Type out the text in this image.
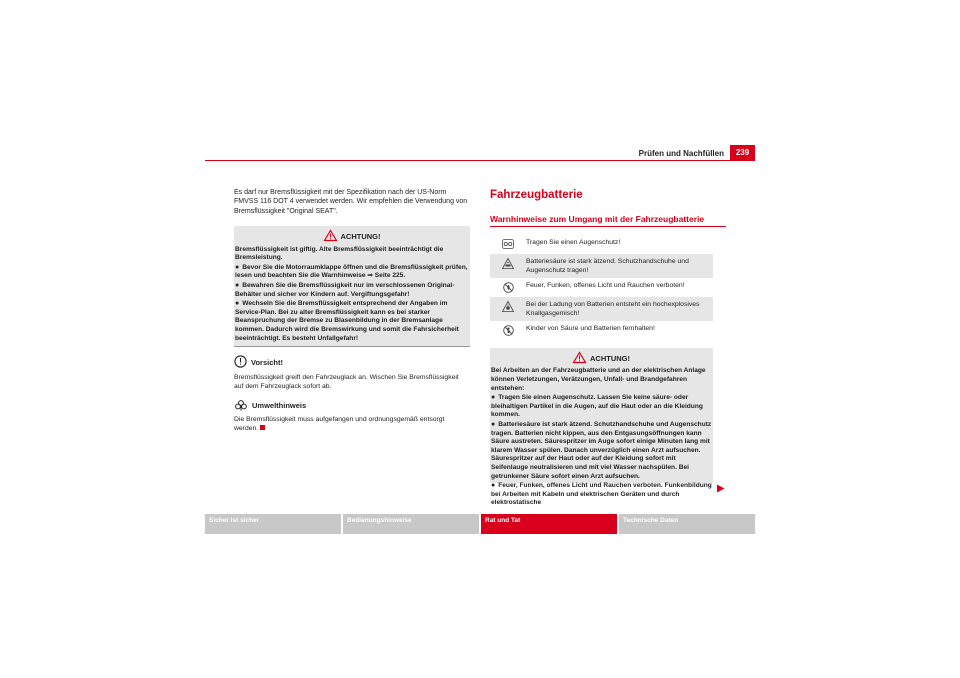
Prüfen und Nachfüllen	239

Es darf nur Bremsflüssigkeit mit der Spezifikation nach der US-Norm FMVSS 116 DOT 4 verwendet werden. Wir empfehlen die Verwendung von Bremsflüssigkeit "Original SEAT".

ACHTUNG!
Bremsflüssigkeit ist giftig. Alte Bremsflüssigkeit beeinträchtigt die Bremsleistung.
● Bevor Sie die Motorraumklappe öffnen und die Bremsflüssigkeit prüfen, lesen und beachten Sie die Warnhinweise ⇒ Seite 225.
● Bewahren Sie die Bremsflüssigkeit nur im verschlossenen Original-Behälter und sicher vor Kindern auf. Vergiftungsgefahr!
● Wechseln Sie die Bremsflüssigkeit entsprechend der Angaben im Service-Plan. Bei zu alter Bremsflüssigkeit kann es bei starker Beanspruchung der Bremse zu Blasenbildung in der Bremsanlage kommen. Dadurch wird die Bremswirkung und somit die Fahrsicherheit beeinträchtigt. Es besteht Unfallgefahr!
Vorsicht!

Bremsflüssigkeit greift den Fahrzeuglack an. Wischen Sie Bremsflüssigkeit auf dem Fahrzeuglack sofort ab.

Umwelthinweis

Die Bremsflüssigkeit muss aufgefangen und ordnungsgemäß entsorgt werden.

Fahrzeugbatterie
Warnhinweise zum Umgang mit der Fahrzeugbatterie
Tragen Sie einen Augenschutz!
Batteriesäure ist stark ätzend. Schutzhandschuhe und Augenschutz tragen!
Feuer, Funken, offenes Licht und Rauchen verboten!
Bei der Ladung von Batterien entsteht ein hochexplosives Knallgasgemisch!
Kinder von Säure und Batterien fernhalten!
ACHTUNG!
Bei Arbeiten an der Fahrzeugbatterie und an der elektrischen Anlage können Verletzungen, Verätzungen, Unfall- und Brandgefahren entstehen:
● Tragen Sie einen Augenschutz. Lassen Sie keine säure- oder bleihaltigen Partikel in die Augen, auf die Haut oder an die Kleidung kommen.
● Batteriesäure ist stark ätzend. Schutzhandschuhe und Augenschutz tragen. Batterien nicht kippen, aus den Entgasungsöffnungen kann Säure austreten. Säurespritzer im Auge sofort einige Minuten lang mit klarem Wasser spülen. Danach unverzüglich einen Arzt aufsuchen. Säurespritzer auf der Haut oder auf der Kleidung sofort mit Seifenlauge neutralisieren und mit viel Wasser nachspülen. Bei getrunkener Säure sofort einen Arzt aufsuchen.
● Feuer, Funken, offenes Licht und Rauchen verboten. Funkenbildung bei Arbeiten mit Kabeln und elektrischen Geräten und durch elektrostatische
Sicher ist sicher	Bedienungshinweise	Rat und Tat	Technische Daten
